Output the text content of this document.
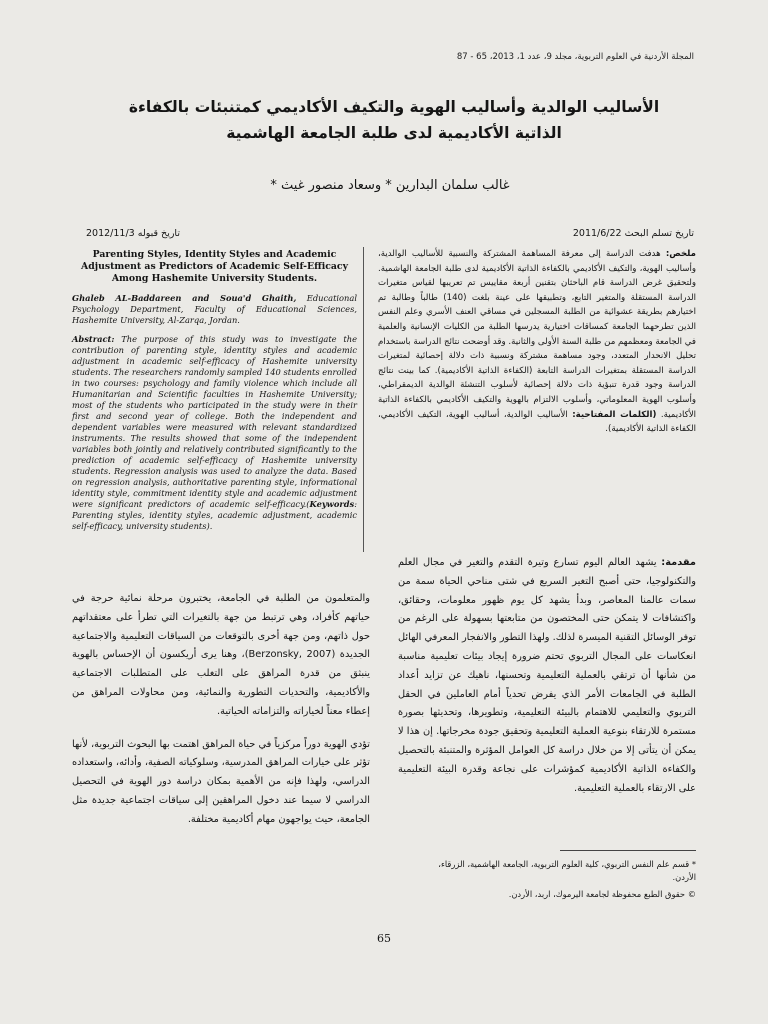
المجلة الأردنية في العلوم التربوية، مجلد 9، عدد 1، 2013، 65 - 87
الأساليب الوالدية وأساليب الهوية والتكيف الأكاديمي كمتنبئات بالكفاءة
الذاتية الأكاديمية لدى طلبة الجامعة الهاشمية
غالب سلمان البدارين * وسعاد منصور غيث *
تاريخ قبوله 2012/11/3	تاريخ تسلم البحث 2011/6/22
Parenting Styles, Identity Styles and Academic Adjustment as Predictors of Academic Self-Efficacy Among Hashemite University Students.
Ghaleb AL-Baddareen and Soua'd Ghaith, Educational Psychology Department, Faculty of Educational Sciences, Hashemite University, Al-Zarqa, Jordan.
Abstract: The purpose of this study was to investigate the contribution of parenting style, identity styles and academic adjustment in academic self-efficacy of Hashemite university students. The researchers randomly sampled 140 students enrolled in two courses: psychology and family violence which include all Humanitarian and Scientific faculties in Hashemite University; most of the students who participated in the study were in their first and second year of college. Both the independent and dependent variables were measured with relevant standardized instruments. The results showed that some of the independent variables both jointly and relatively contributed significantly to the prediction of academic self-efficacy of Hashemite university students. Regression analysis was used to analyze the data. Based on regression analysis, authoritative parenting style, informational identity style, commitment identity style and academic adjustment were significant predictors of academic self-efficacy.(Keywords: Parenting styles, identity styles, academic adjustment, academic self-efficacy, university students).
ملخص: هدفت الدراسة إلى معرفة المساهمة المشتركة والنسبية للأساليب الوالدية، وأساليب الهوية، والتكيف الأكاديمي بالكفاءة الذاتية الأكاديمية لدى طلبة الجامعة الهاشمية. ولتحقيق غرض الدراسة قام الباحثان بتقنين أربعة مقاييس تم تعريبها لقياس متغيرات الدراسة المستقلة والمتغير التابع، وتطبيقها على عينة بلغت (140) طالباً وطالبة تم اختيارهم بطريقة عشوائية من الطلبة المسجلين في مساقي العنف الأسري وعلم النفس الذين تطرحهما الجامعة كمساقات اختيارية يدرسها الطلبة من الكليات الإنسانية والعلمية في الجامعة ومعظمهم من طلبة السنة الأولى والثانية. وقد أوضحت نتائج الدراسة باستخدام تحليل الانحدار المتعدد، وجود مساهمة مشتركة ونسبية ذات دلالة إحصائية لمتغيرات الدراسة المستقلة بمتغيرات الدراسة التابعة (الكفاءة الذاتية الأكاديمية). كما بينت نتائج الدراسة وجود قدرة تنبؤية ذات دلالة إحصائية لأسلوب التنشئة الوالدية الديمقراطي، وأسلوب الهوية المعلوماتي، وأسلوب الالتزام بالهوية والتكيف الأكاديمي بالكفاءة الذاتية الأكاديمية. (الكلمات المفتاحية: الأساليب الوالدية، أساليب الهوية، التكيف الأكاديمي، الكفاءة الذاتية الأكاديمية).

مقدمة: يشهد العالم اليوم تسارع وتيرة التقدم والتغير في مجال العلم والتكنولوجيا، حتى أصبح التغير السريع في شتى مناحي الحياة سمة من سمات عالمنا المعاصر، وبدأ يشهد كل يوم ظهور معلومات، وحقائق، واكتشافات لا يتمكن حتى المختصون من متابعتها بسهولة على الرغم من توفر الوسائل التقنية الميسرة لذلك. ولهذا التطور والانفجار المعرفي الهائل انعكاسات على المجال التربوي تحتم ضرورة إيجاد بيئات تعليمية مناسبة من شأنها أن ترتقي بالعملية التعليمية وتحسنها، ناهيك عن تزايد أعداد الطلبة في الجامعات الأمر الذي يفرض تحدياً أمام العاملين في الحقل التربوي والتعليمي للاهتمام بالبيئة التعليمية، وتطويرها، وتحديثها بصورة مستمرة للارتقاء بنوعية العملية التعليمية وتحقيق جودة مخرجاتها. إن هذا لا يمكن أن يتأتى إلا من خلال دراسة كل العوامل المؤثرة والمتنبئة بالتحصيل والكفاءة الذاتية الأكاديمية كمؤشرات على نجاعة وقدرة البيئة التعليمية على الارتقاء بالعملية التعليمية.

والمتعلمون من الطلبة في الجامعة، يختبرون مرحلة نمائية حرجة في حياتهم كأفراد، وهي ترتبط من جهة بالتغيرات التي تطرأ على معتقداتهم حول ذاتهم، ومن جهة أخرى بالتوقعات من السياقات التعليمية والاجتماعية الجديدة (Berzonsky, 2007)، وهنا يرى أريكسون أن الإحساس بالهوية ينبثق من قدرة المراهق على التغلب على المتطلبات الاجتماعية والأكاديمية، والتحديات التطورية والنمائية، ومن محاولات المراهق من إعطاء معناً لخياراته والتزاماته الحياتية.

تؤدي الهوية دوراً مركزياً في حياة المراهق اهتمت بها البحوث التربوية، لأنها تؤثر على خيارات المراهق المدرسية، وسلوكياته الصفية، وأدائه، واستعداده الدراسي، ولهذا فإنه من الأهمية بمكان دراسة دور الهوية في التحصيل الدراسي لا سيما عند دخول المراهقين إلى سياقات اجتماعية جديدة مثل الجامعة، حيث يواجهون مهام أكاديمية مختلفة.

* قسم علم النفس التربوي، كلية العلوم التربوية، الجامعة الهاشمية، الزرقاء، الأردن.

© حقوق الطبع محفوظة لجامعة اليرموك، اربد، الأردن.

65
